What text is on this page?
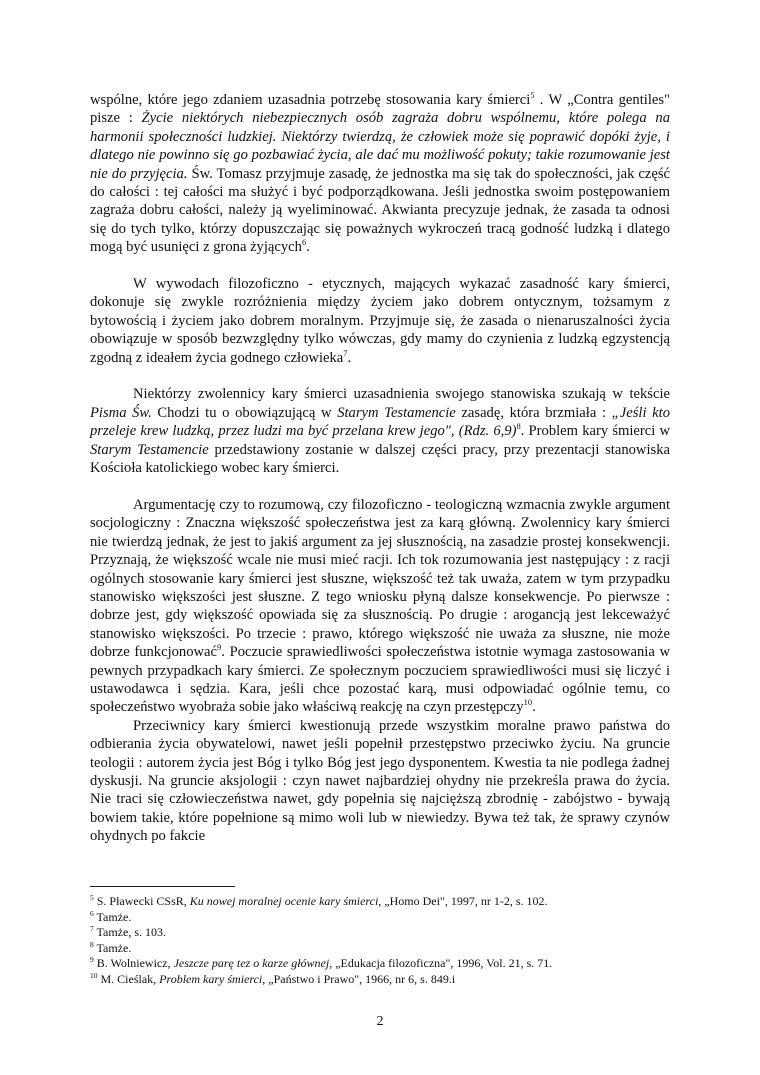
wspólne, które jego zdaniem uzasadnia potrzebę stosowania kary śmierci$^5$ . W „Contra gentiles" pisze : Życie niektórych niebezpiecznych osób zagraża dobru wspólnemu, które polega na harmonii społeczności ludzkiej. Niektórzy twierdzą, że człowiek może się poprawić dopóki żyje, i dlatego nie powinno się go pozbawiać życia, ale dać mu możliwość pokuty; takie rozumowanie jest nie do przyjęcia. Św. Tomasz przyjmuje zasadę, że jednostka ma się tak do społeczności, jak część do całości : tej całości ma służyć i być podporządkowana. Jeśli jednostka swoim postępowaniem zagraża dobru całości, należy ją wyeliminować. Akwianta precyzuje jednak, że zasada ta odnosi się do tych tylko, którzy dopuszczając się poważnych wykroczeń tracą godność ludzką i dlatego mogą być usunięci z grona żyjących$^6$.

W wywodach filozoficzno - etycznych, mających wykazać zasadność kary śmierci, dokonuje się zwykle rozróżnienia między życiem jako dobrem ontycznym, tożsamym z bytowością i życiem jako dobrem moralnym. Przyjmuje się, że zasada o nienaruszalności życia obowiązuje w sposób bezwzględny tylko wówczas, gdy mamy do czynienia z ludzką egzystencją zgodną z ideałem życia godnego człowieka$^7$.

Niektórzy zwolennicy kary śmierci uzasadnienia swojego stanowiska szukają w tekście Pisma Św. Chodzi tu o obowiązującą w Starym Testamencie zasadę, która brzmiała : „Jeśli kto przeleje krew ludzką, przez ludzi ma być przelana krew jego", (Rdz. 6,9)$^8$. Problem kary śmierci w Starym Testamencie przedstawiony zostanie w dalszej części pracy, przy prezentacji stanowiska Kościoła katolickiego wobec kary śmierci.

Argumentację czy to rozumową, czy filozoficzno - teologiczną wzmacnia zwykle argument socjologiczny : Znaczna większość społeczeństwa jest za karą główną. Zwolennicy kary śmierci nie twierdzą jednak, że jest to jakiś argument za jej słusznością, na zasadzie prostej konsekwencji. Przyznają, że większość wcale nie musi mieć racji. Ich tok rozumowania jest następujący : z racji ogólnych stosowanie kary śmierci jest słuszne, większość też tak uważa, zatem w tym przypadku stanowisko większości jest słuszne. Z tego wniosku płyną dalsze konsekwencje. Po pierwsze : dobrze jest, gdy większość opowiada się za słusznością. Po drugie : arogancją jest lekceważyć stanowisko większości. Po trzecie : prawo, którego większość nie uważa za słuszne, nie może dobrze funkcjonować$^9$. Poczucie sprawiedliwości społeczeństwa istotnie wymaga zastosowania w pewnych przypadkach kary śmierci. Ze społecznym poczuciem sprawiedliwości musi się liczyć i ustawodawca i sędzia. Kara, jeśli chce pozostać karą, musi odpowiadać ogólnie temu, co społeczeństwo wyobraża sobie jako właściwą reakcję na czyn przestępczy$^{10}$.

Przeciwnicy kary śmierci kwestionują przede wszystkim moralne prawo państwa do odbierania życia obywatelowi, nawet jeśli popełnił przestępstwo przeciwko życiu. Na gruncie teologii : autorem życia jest Bóg i tylko Bóg jest jego dysponentem. Kwestia ta nie podlega żadnej dyskusji. Na gruncie aksjologii : czyn nawet najbardziej ohydny nie przekreśla prawa do życia. Nie traci się człowieczeństwa nawet, gdy popełnia się najcięższą zbrodnię - zabójstwo - bywają bowiem takie, które popełnione są mimo woli lub w niewiedzy. Bywa też tak, że sprawy czynów ohydnych po fakcie

$^5$ S. Pławecki CSsR, Ku nowej moralnej ocenie kary śmierci, „Homo Dei", 1997, nr 1-2, s. 102.

$^6$ Tamże.

$^7$ Tamże, s. 103.

$^8$ Tamże.

$^9$ B. Wolniewicz, Jeszcze parę tez o karze głównej, „Edukacja filozoficzna", 1996, Vol. 21, s. 71.

$^{10}$ M. Cieślak, Problem kary śmierci, „Państwo i Prawo", 1966, nr 6, s. 849.i

2
